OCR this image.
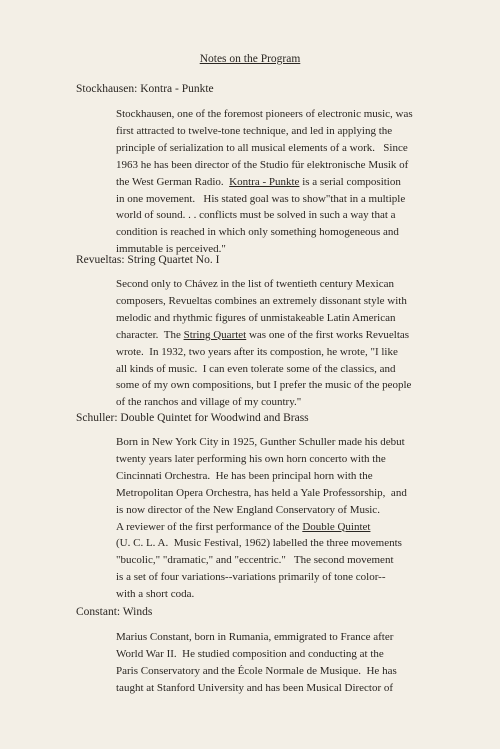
Notes on the Program
Stockhausen: Kontra - Punkte
Stockhausen, one of the foremost pioneers of electronic music, was
first attracted to twelve-tone technique, and led in applying the
principle of serialization to all musical elements of a work.   Since
1963 he has been director of the Studio für elektronische Musik of
the West German Radio.  Kontra - Punkte is a serial composition
in one movement.   His stated goal was to show"that in a multiple
world of sound. . . conflicts must be solved in such a way that a
condition is reached in which only something homogeneous and
immutable is perceived."
Revueltas: String Quartet No. I
Second only to Chávez in the list of twentieth century Mexican
composers, Revueltas combines an extremely dissonant style with
melodic and rhythmic figures of unmistakeable Latin American
character.  The String Quartet was one of the first works Revueltas
wrote.  In 1932, two years after its compostion, he wrote, "I like
all kinds of music.  I can even tolerate some of the classics, and
some of my own compositions, but I prefer the music of the people
of the ranchos and village of my country."
Schuller: Double Quintet for Woodwind and Brass
Born in New York City in 1925, Gunther Schuller made his debut
twenty years later performing his own horn concerto with the
Cincinnati Orchestra.  He has been principal horn with the
Metropolitan Opera Orchestra, has held a Yale Professorship,  and
is now director of the New England Conservatory of Music.
A reviewer of the first performance of the Double Quintet
(U. C. L. A.  Music Festival, 1962) labelled the three movements
"bucolic," "dramatic," and "eccentric."   The second movement
is a set of four variations--variations primarily of tone color--
with a short coda.
Constant: Winds
Marius Constant, born in Rumania, emmigrated to France after
World War II.  He studied composition and conducting at the
Paris Conservatory and the École Normale de Musique.  He has
taught at Stanford University and has been Musical Director of
